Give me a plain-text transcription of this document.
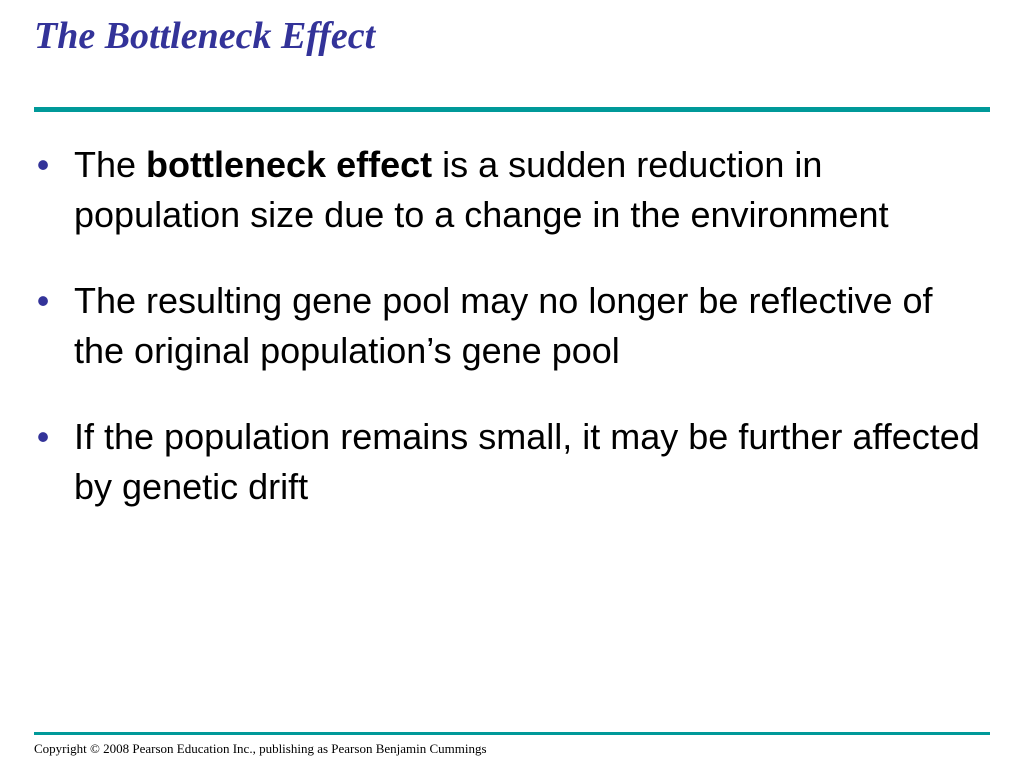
The Bottleneck Effect
• The bottleneck effect is a sudden reduction in population size due to a change in the environment
• The resulting gene pool may no longer be reflective of the original population’s gene pool
• If the population remains small, it may be further affected by genetic drift

Copyright © 2008 Pearson Education Inc., publishing as Pearson Benjamin Cummings
